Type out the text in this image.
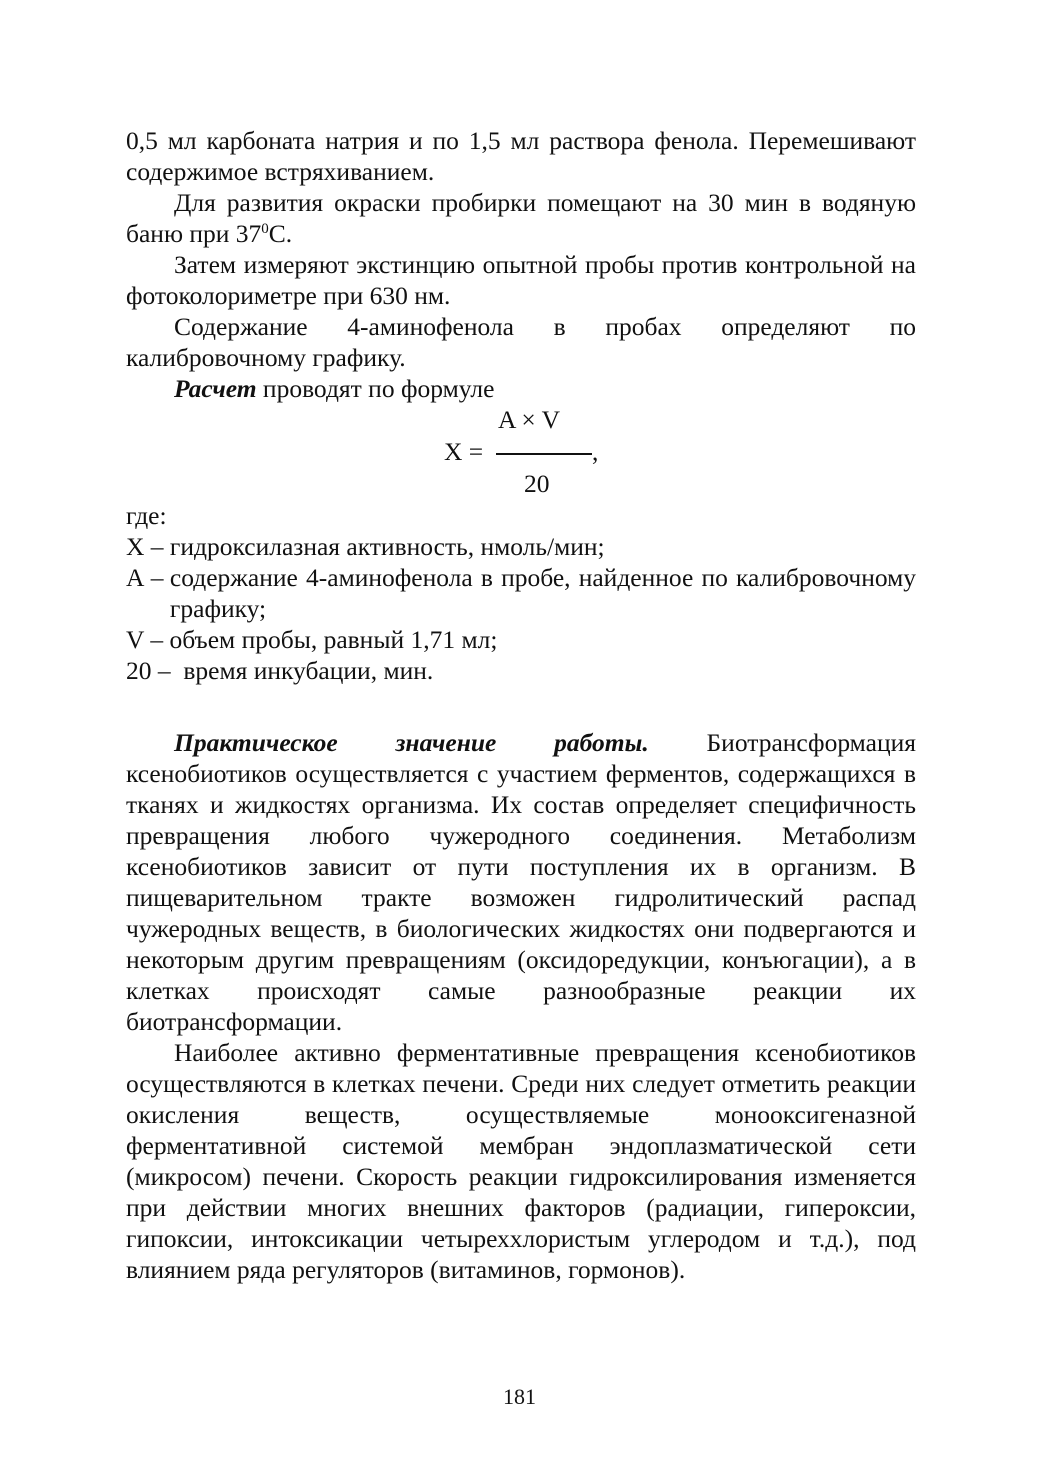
0,5 мл карбоната натрия и по 1,5 мл раствора фенола. Перемешивают содержимое встряхиванием.

Для развития окраски пробирки помещают на 30 мин в водяную баню при $37^0С$.

Затем измеряют экстинцию опытной пробы против контрольной на фотоколориметре при 630 нм.

Содержание 4-аминофенола в пробах определяют по калибровочному графику.

Расчет проводят по формуле

A × V
X =	,
20

где:

X – гидроксилазная активность, нмоль/мин;
А – содержание 4-аминофенола в пробе, найденное по калибровочному графику;
V – объем пробы, равный 1,71 мл;
20 – время инкубации, мин.

Практическое значение работы. Биотрансформация ксенобиотиков осуществляется с участием ферментов, содержащихся в тканях и жидкостях организма. Их состав определяет специфичность превращения любого чужеродного соединения. Метаболизм ксенобиотиков зависит от пути поступления их в организм. В пищеварительном тракте возможен гидролитический распад чужеродных веществ, в биологических жидкостях они подвергаются и некоторым другим превращениям (оксидоредукции, конъюгации), а в клетках происходят самые разнообразные реакции их биотрансформации.

Наиболее активно ферментативные превращения ксенобиотиков осуществляются в клетках печени. Среди них следует отметить реакции окисления веществ, осуществляемые монооксигеназной ферментативной системой мембран эндоплазматической сети (микросом) печени. Скорость реакции гидроксилирования изменяется при действии многих внешних факторов (радиации, гипероксии, гипоксии, интоксикации четыреххлористым углеродом и т.д.), под влиянием ряда регуляторов (витаминов, гормонов).

181
